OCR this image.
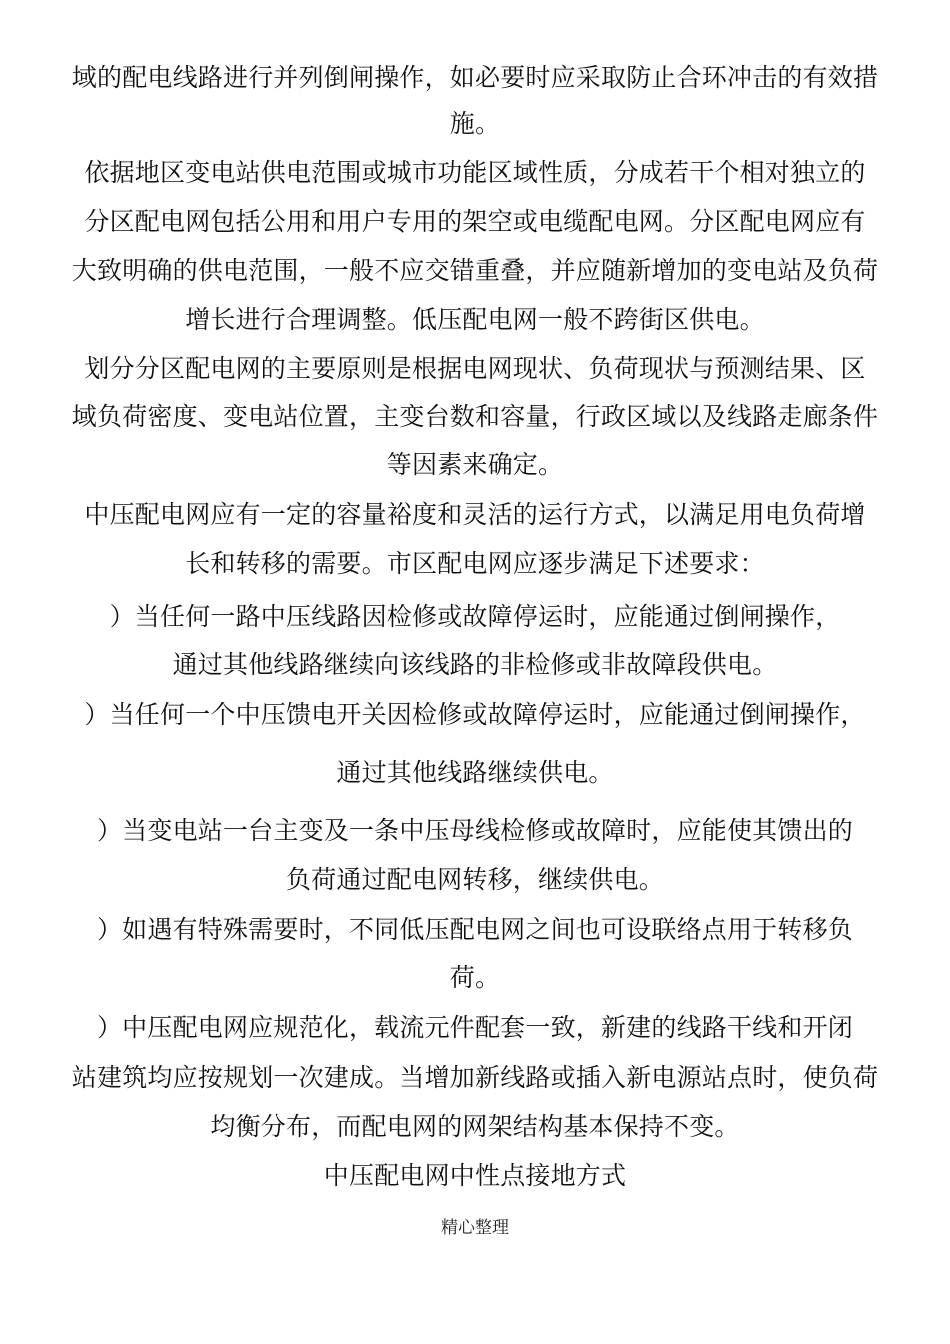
域的配电线路进行并列倒闸操作，如必要时应采取防止合环冲击的有效措
施。
依据地区变电站供电范围或城市功能区域性质，分成若干个相对独立的
分区配电网包括公用和用户专用的架空或电缆配电网。分区配电网应有
大致明确的供电范围，一般不应交错重叠，并应随新增加的变电站及负荷
增长进行合理调整。低压配电网一般不跨街区供电。
划分分区配电网的主要原则是根据电网现状、负荷现状与预测结果、区
域负荷密度、变电站位置，主变台数和容量，行政区域以及线路走廊条件
等因素来确定。
中压配电网应有一定的容量裕度和灵活的运行方式，以满足用电负荷增
长和转移的需要。市区配电网应逐步满足下述要求：
）当任何一路中压线路因检修或故障停运时，应能通过倒闸操作，
通过其他线路继续向该线路的非检修或非故障段供电。
）当任何一个中压馈电开关因检修或故障停运时，应能通过倒闸操作，
通过其他线路继续供电。
）当变电站一台主变及一条中压母线检修或故障时，应能使其馈出的
负荷通过配电网转移，继续供电。
）如遇有特殊需要时，不同低压配电网之间也可设联络点用于转移负
荷。
）中压配电网应规范化，载流元件配套一致，新建的线路干线和开闭
站建筑均应按规划一次建成。当增加新线路或插入新电源站点时，使负荷
均衡分布，而配电网的网架结构基本保持不变。
中压配电网中性点接地方式
精心整理
